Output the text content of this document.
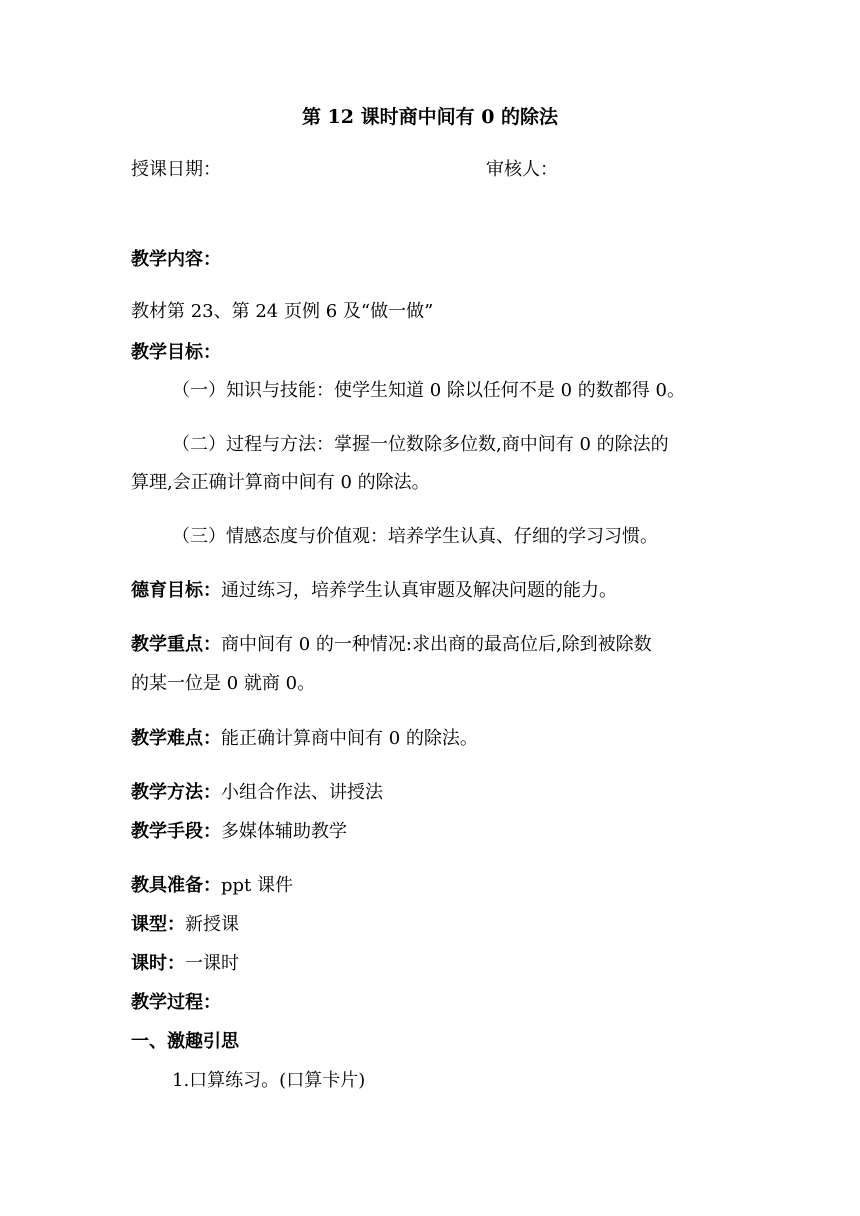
第 12 课时商中间有 0 的除法
授课日期：	审核人：
教学内容：
教材第 23、第 24 页例 6 及“做一做”
教学目标：
（一）知识与技能：使学生知道 0 除以任何不是 0 的数都得 0。
（二）过程与方法：掌握一位数除多位数,商中间有 0 的除法的
算理,会正确计算商中间有 0 的除法。
（三）情感态度与价值观：培养学生认真、仔细的学习习惯。
德育目标：通过练习，培养学生认真审题及解决问题的能力。
教学重点：商中间有 0 的一种情况:求出商的最高位后,除到被除数
的某一位是 0 就商 0。
教学难点：能正确计算商中间有 0 的除法。
教学方法：小组合作法、讲授法
教学手段：多媒体辅助教学
教具准备：ppt 课件
课型：新授课
课时：一课时
教学过程：
一、激趣引思
1.口算练习。(口算卡片)
